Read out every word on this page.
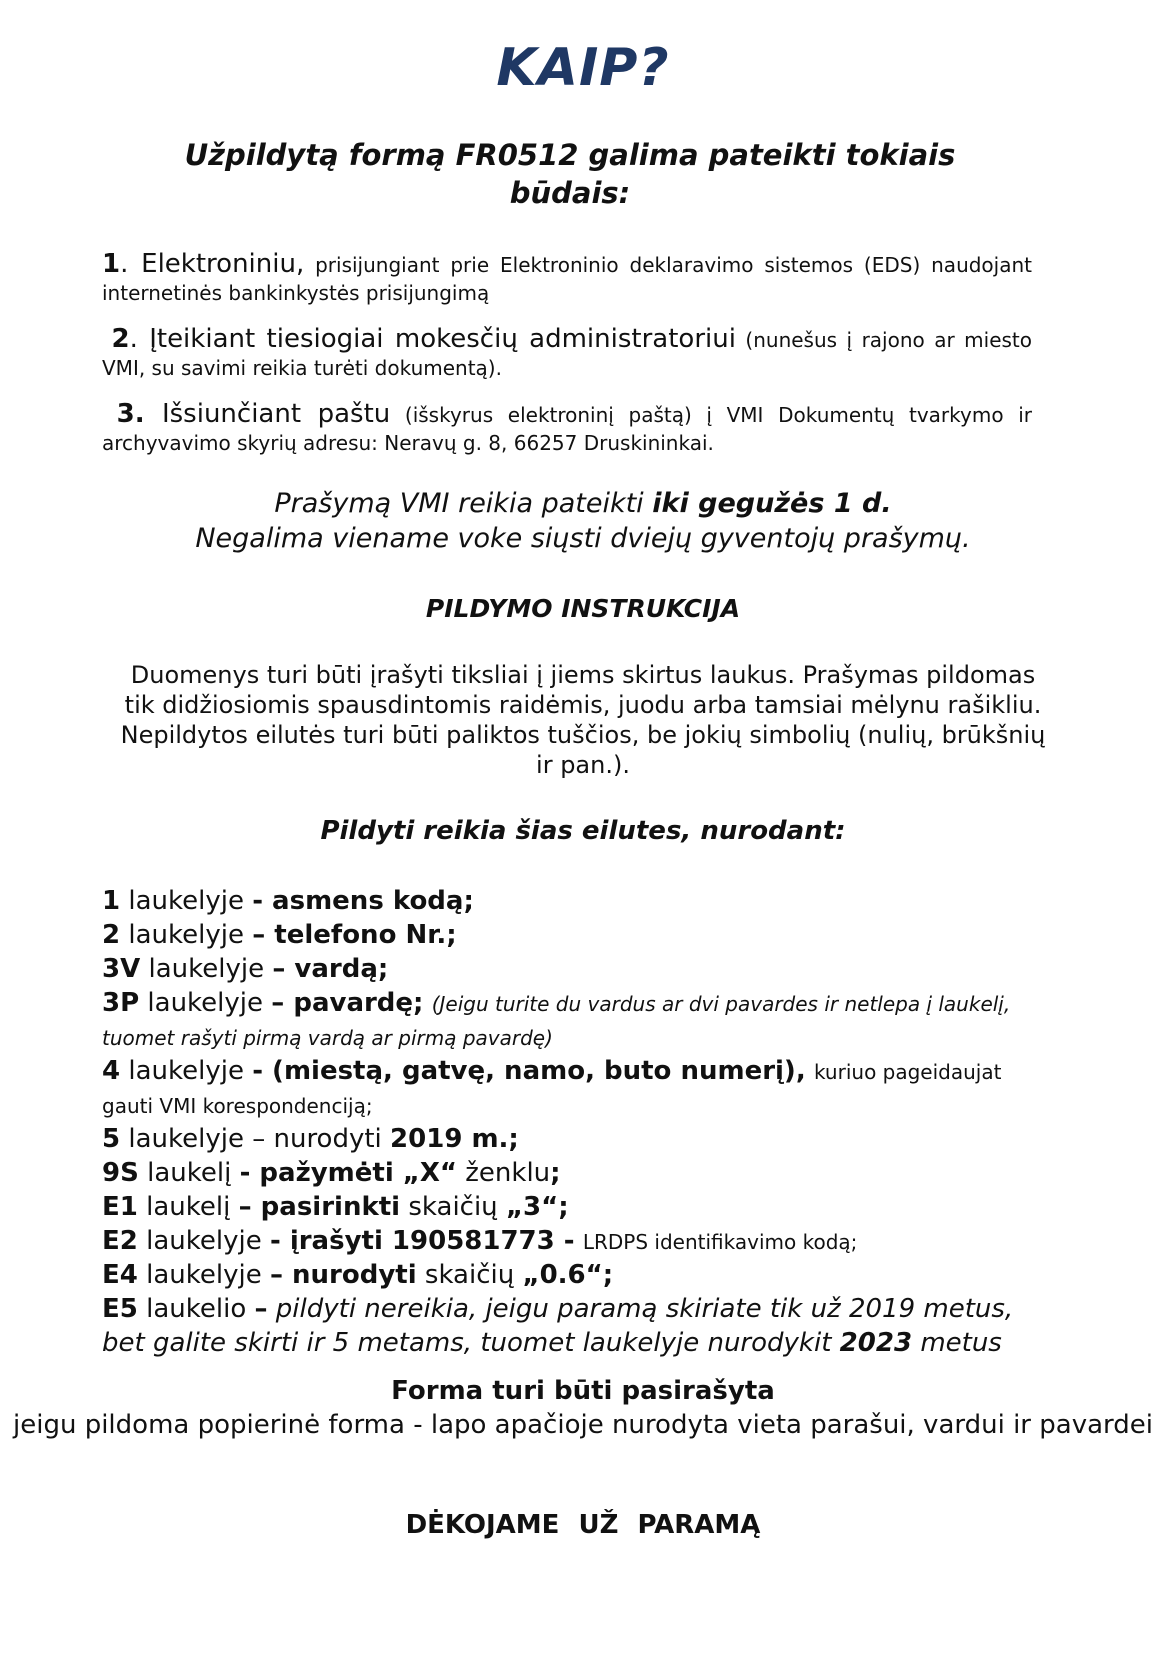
KAIP?
Užpildytą formą FR0512 galima pateikti tokiais būdais:
1. Elektroniniu, prisijungiant prie Elektroninio deklaravimo sistemos (EDS) naudojant internetinės bankinkystės prisijungimą
2. Įteikiant tiesiogiai mokesčių administratoriui (nunešus į rajono ar miesto VMI, su savimi reikia turėti dokumentą).
3. Išsiunčiant paštu (išskyrus elektroninį paštą) į VMI Dokumentų tvarkymo ir archyvavimo skyrių adresu: Neravų g. 8, 66257 Druskininkai.
Prašymą VMI reikia pateikti iki gegužės 1 d.
Negalima viename voke siųsti dviejų gyventojų prašymų.
PILDYMO INSTRUKCIJA
Duomenys turi būti įrašyti tiksliai į jiems skirtus laukus. Prašymas pildomas tik didžiosiomis spausdintomis raidėmis, juodu arba tamsiai mėlynu rašikliu. Nepildytos eilutės turi būti paliktos tuščios, be jokių simbolių (nulių, brūkšnių ir pan.).
Pildyti reikia šias eilutes, nurodant:
1 laukelyje - asmens kodą;
2 laukelyje – telefono Nr.;
3V laukelyje – vardą;
3P laukelyje – pavardę; (Jeigu turite du vardus ar dvi pavardes ir netlepa į laukelį, tuomet rašyti pirmą vardą ar pirmą pavardę)
4 laukelyje - (miestą, gatvę, namo, buto numerį), kuriuo pageidaujat gauti VMI korespondenciją;
5 laukelyje – nurodyti 2019 m.;
9S laukelį - pažymėti „X“ ženklu;
E1 laukelį – pasirinkti skaičių „3“;
E2 laukelyje - įrašyti 190581773 - LRDPS identifikavimo kodą;
E4 laukelyje – nurodyti skaičių „0.6“;
E5 laukelio – pildyti nereikia, jeigu paramą skiriate tik už 2019 metus, bet galite skirti ir 5 metams, tuomet laukelyje nurodykit 2023 metus
Forma turi būti pasirašyta
jeigu pildoma popierinė forma - lapo apačioje nurodyta vieta parašui, vardui ir pavardei
DĖKOJAME UŽ PARAMĄ
